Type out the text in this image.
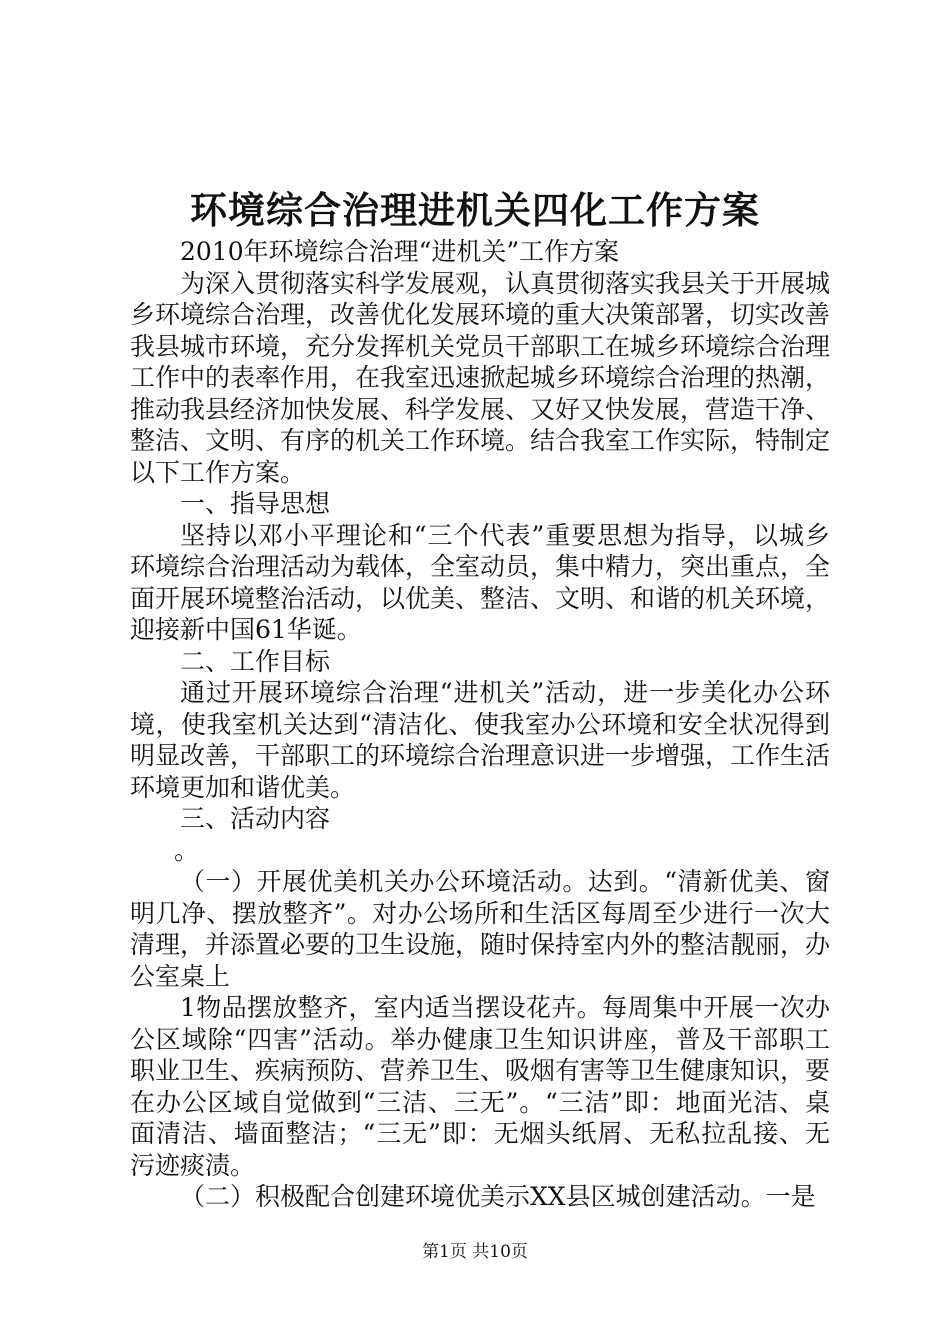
环境综合治理进机关四化工作方案

2010年环境综合治理“进机关”工作方案

为深入贯彻落实科学发展观，认真贯彻落实我县关于开展城乡环境综合治理，改善优化发展环境的重大决策部署，切实改善我县城市环境，充分发挥机关党员干部职工在城乡环境综合治理工作中的表率作用，在我室迅速掀起城乡环境综合治理的热潮，推动我县经济加快发展、科学发展、又好又快发展，营造干净、整洁、文明、有序的机关工作环境。结合我室工作实际，特制定以下工作方案。

一、指导思想

坚持以邓小平理论和“三个代表”重要思想为指导，以城乡环境综合治理活动为载体，全室动员，集中精力，突出重点，全面开展环境整治活动，以优美、整洁、文明、和谐的机关环境，迎接新中国61华诞。

二、工作目标

通过开展环境综合治理“进机关”活动，进一步美化办公环境，使我室机关达到“清洁化、使我室办公环境和安全状况得到明显改善，干部职工的环境综合治理意识进一步增强，工作生活环境更加和谐优美。

三、活动内容

。

（一）开展优美机关办公环境活动。达到。“清新优美、窗明几净、摆放整齐”。对办公场所和生活区每周至少进行一次大清理，并添置必要的卫生设施，随时保持室内外的整洁靓丽，办公室桌上

1物品摆放整齐，室内适当摆设花卉。每周集中开展一次办公区域除“四害”活动。举办健康卫生知识讲座，普及干部职工职业卫生、疾病预防、营养卫生、吸烟有害等卫生健康知识，要在办公区域自觉做到“三洁、三无”。“三洁”即：地面光洁、桌面清洁、墙面整洁；“三无”即：无烟头纸屑、无私拉乱接、无污迹痰渍。

（二）积极配合创建环境优美示XX县区城创建活动。一是

第1页 共10页
